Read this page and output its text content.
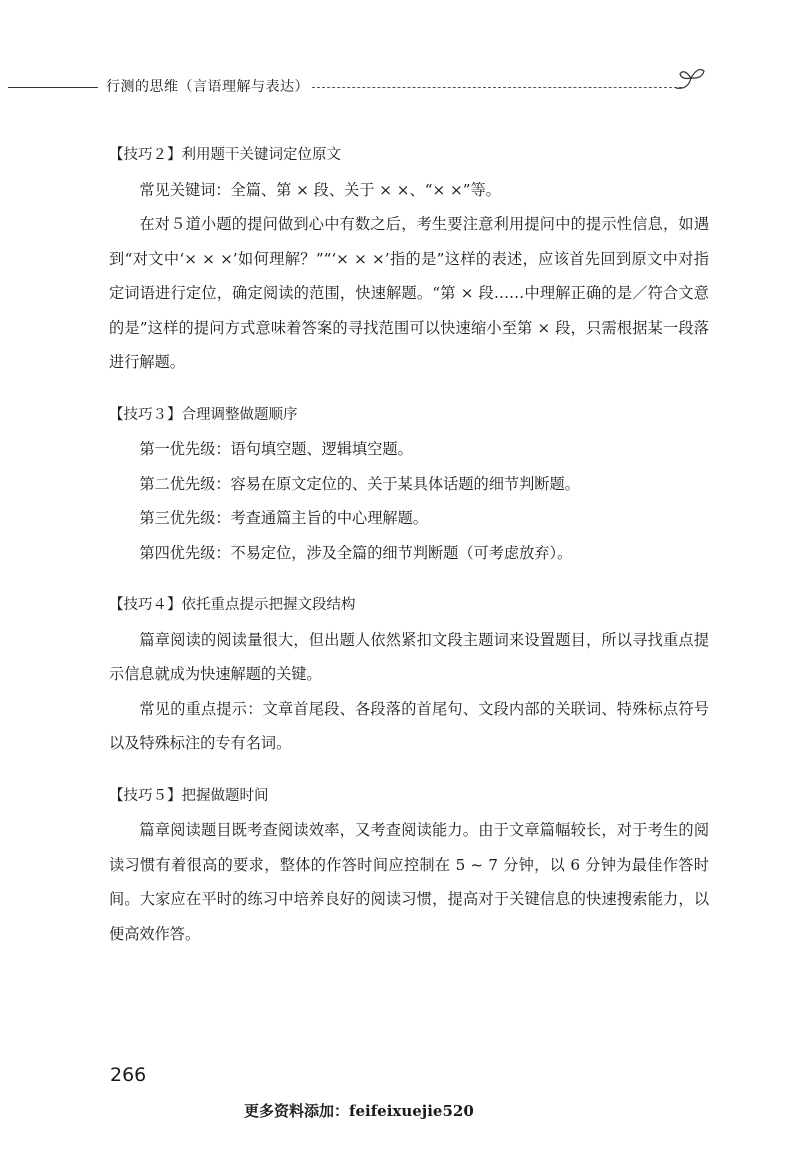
行测的思维（言语理解与表达）

【技巧２】利用题干关键词定位原文

常见关键词：全篇、第 × 段、关于 × ×、“× ×”等。

在对５道小题的提问做到心中有数之后，考生要注意利用提问中的提示性信息，如遇到“对文中‘× × ×’如何理解？”“‘× × ×’指的是”这样的表述，应该首先回到原文中对指定词语进行定位，确定阅读的范围，快速解题。“第 × 段……中理解正确的是／符合文意的是”这样的提问方式意味着答案的寻找范围可以快速缩小至第 × 段，只需根据某一段落进行解题。

【技巧３】合理调整做题顺序

第一优先级：语句填空题、逻辑填空题。

第二优先级：容易在原文定位的、关于某具体话题的细节判断题。

第三优先级：考查通篇主旨的中心理解题。

第四优先级：不易定位，涉及全篇的细节判断题（可考虑放弃）。

【技巧４】依托重点提示把握文段结构

篇章阅读的阅读量很大，但出题人依然紧扣文段主题词来设置题目，所以寻找重点提示信息就成为快速解题的关键。

常见的重点提示：文章首尾段、各段落的首尾句、文段内部的关联词、特殊标点符号以及特殊标注的专有名词。

【技巧５】把握做题时间

篇章阅读题目既考查阅读效率，又考查阅读能力。由于文章篇幅较长，对于考生的阅读习惯有着很高的要求，整体的作答时间应控制在 5 ~ 7 分钟，以 6 分钟为最佳作答时间。大家应在平时的练习中培养良好的阅读习惯，提高对于关键信息的快速搜索能力，以便高效作答。

266
更多资料添加：feifeixuejie520
